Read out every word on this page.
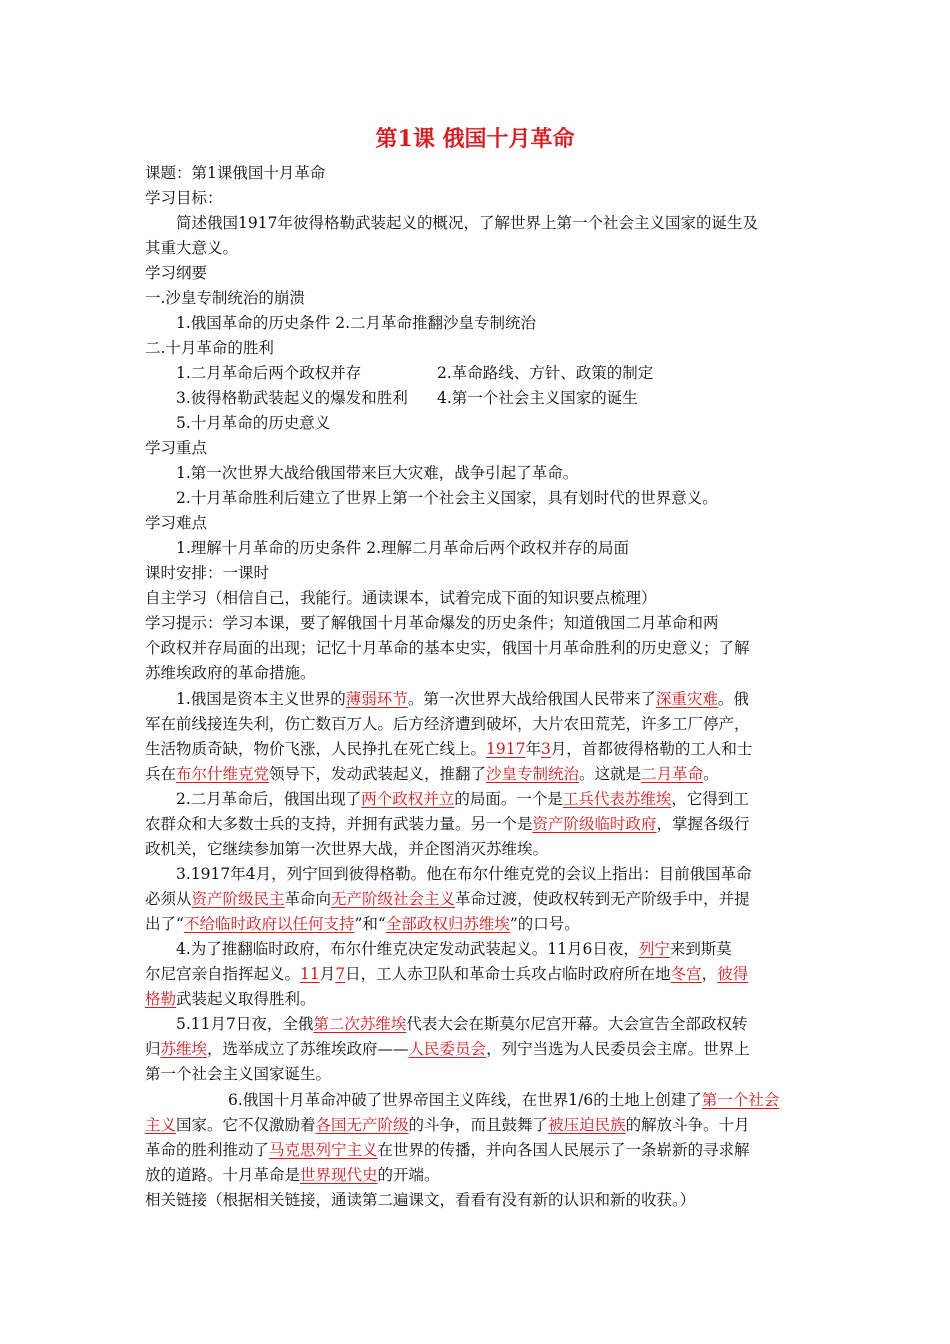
第1课 俄国十月革命

课题：第1课俄国十月革命

学习目标：

简述俄国1917年彼得格勒武装起义的概况，了解世界上第一个社会主义国家的诞生及

其重大意义。

学习纲要

一.沙皇专制统治的崩溃

1.俄国革命的历史条件 2.二月革命推翻沙皇专制统治

二.十月革命的胜利

1.二月革命后两个政权并存	2.革命路线、方针、政策的制定

3.彼得格勒武装起义的爆发和胜利 4.第一个社会主义国家的诞生

5.十月革命的历史意义

学习重点

1.第一次世界大战给俄国带来巨大灾难，战争引起了革命。

2.十月革命胜利后建立了世界上第一个社会主义国家，具有划时代的世界意义。

学习难点

1.理解十月革命的历史条件 2.理解二月革命后两个政权并存的局面

课时安排：一课时

自主学习（相信自己，我能行。通读课本，试着完成下面的知识要点梳理）

学习提示：学习本课，要了解俄国十月革命爆发的历史条件；知道俄国二月革命和两

个政权并存局面的出现；记忆十月革命的基本史实，俄国十月革命胜利的历史意义；了解

苏维埃政府的革命措施。

1.俄国是资本主义世界的薄弱环节。第一次世界大战给俄国人民带来了深重灾难。俄

军在前线接连失利，伤亡数百万人。后方经济遭到破坏，大片农田荒芜，许多工厂停产，

生活物质奇缺，物价飞涨，人民挣扎在死亡线上。1917年3月，首都彼得格勒的工人和士

兵在布尔什维克党领导下，发动武装起义，推翻了沙皇专制统治。这就是二月革命。

2.二月革命后，俄国出现了两个政权并立的局面。一个是工兵代表苏维埃，它得到工

农群众和大多数士兵的支持，并拥有武装力量。另一个是资产阶级临时政府，掌握各级行

政机关，它继续参加第一次世界大战，并企图消灭苏维埃。

3.1917年4月，列宁回到彼得格勒。他在布尔什维克党的会议上指出：目前俄国革命

必须从资产阶级民主革命向无产阶级社会主义革命过渡，使政权转到无产阶级手中，并提

出了“不给临时政府以任何支持”和“全部政权归苏维埃”的口号。

4.为了推翻临时政府，布尔什维克决定发动武装起义。11月6日夜，列宁来到斯莫

尔尼宫亲自指挥起义。11月7日，工人赤卫队和革命士兵攻占临时政府所在地冬宫，彼得

格勒武装起义取得胜利。

5.11月7日夜，全俄第二次苏维埃代表大会在斯莫尔尼宫开幕。大会宣告全部政权转

归苏维埃，选举成立了苏维埃政府——人民委员会，列宁当选为人民委员会主席。世界上

第一个社会主义国家诞生。

6.俄国十月革命冲破了世界帝国主义阵线，在世界1/6的土地上创建了第一个社会

主义国家。它不仅激励着各国无产阶级的斗争，而且鼓舞了被压迫民族的解放斗争。十月

革命的胜利推动了马克思列宁主义在世界的传播，并向各国人民展示了一条崭新的寻求解

放的道路。十月革命是世界现代史的开端。

相关链接（根据相关链接，通读第二遍课文，看看有没有新的认识和新的收获。）
